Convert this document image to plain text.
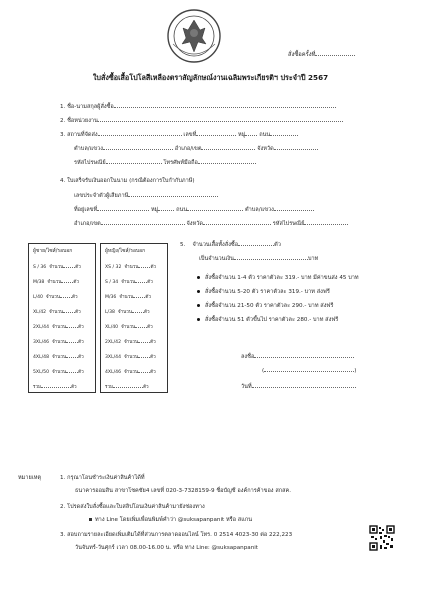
สั่งซื้อครั้งที่
ใบสั่งซื้อเสื้อโปโลสีเหลืองตราสัญลักษณ์งานเฉลิมพระเกียรติฯ ประจำปี 2567
1. ชื่อ-นามสกุลผู้สั่งซื้อ
2. ชื่อหน่วยงาน
3. สถานที่จัดส่ง	เลขที่	หมู่ ถนน
ตำบล/แขวง	อำเภอ/เขต	จังหวัด
รหัสไปรษณีย์	โทรศัพท์มือถือ
4. ใบเสร็จรับเงินออกในนาม (กรณีต้องการใบกำกับภาษี)
เลขประจำตัวผู้เสียภาษี
ที่อยู่เลขที่	หมู่	ถนน	ตำบล/แขวง
อำเภอ/เขต	จังหวัด	รหัสไปรษณีย์
ผู้ชาย/ไซส์/รอบอก
S / 36 จำนวน	ตัว
M/38 จำนวน	ตัว
L/40 จำนวน	ตัว
XL/42 จำนวน	ตัว
2XL/44 จำนวน	ตัว
3XL/46 จำนวน	ตัว
4XL/48 จำนวน	ตัว
5XL/50 จำนวน	ตัว
รวม	ตัว
ผู้หญิง/ไซส์/รอบอก
XS / 32 จำนวน	ตัว
S / 34 จำนวน	ตัว
M/36 จำนวน	ตัว
L/38 จำนวน	ตัว
XL/40 จำนวน	ตัว
2XL/42 จำนวน	ตัว
3XL/44 จำนวน	ตัว
4XL/46 จำนวน	ตัว
รวม	ตัว
5. จำนวนเสื้อทั้งสั่งซื้อ	ตัว
เป็นจำนวนเงิน	บาท
สั่งซื้อจำนวน 1-4 ตัว ราคาตัวละ 319.- บาท มีค่าขนส่ง 45 บาท
สั่งซื้อจำนวน 5-20 ตัว ราคาตัวละ 319.- บาท ส่งฟรี
สั่งซื้อจำนวน 21-50 ตัว ราคาตัวละ 290.- บาท ส่งฟรี
สั่งซื้อจำนวน 51 ตัวขึ้นไป ราคาตัวละ 280.- บาท ส่งฟรี
ลงชื่อ
(	)
วันที่
หมายเหตุ	1. กรุณาโอนชำระเงินค่าสินค้าได้ที่
ธนาคารออมสิน สาขาโชคชัย4 เลขที่ 020-3-7328159-9 ชื่อบัญชี องค์การค้าของ สกสค.
2. โปรดส่งใบสั่งซื้อและใบสลิปโอนเงินค่าสินค้ามายังช่องทาง
ทาง Line โดยเพิ่มเพื่อนพิมพ์คำว่า @suksapanpanit หรือ สแกน
3. สอบถามรายละเอียดเพิ่มเติมได้ที่ส่วนการตลาดออนไลน์ โทร. 0 2514 4023-30 ต่อ 222,223
วันจันทร์-วันศุกร์ เวลา 08.00-16.00 น. หรือ ทาง Line: @suksapanpanit
